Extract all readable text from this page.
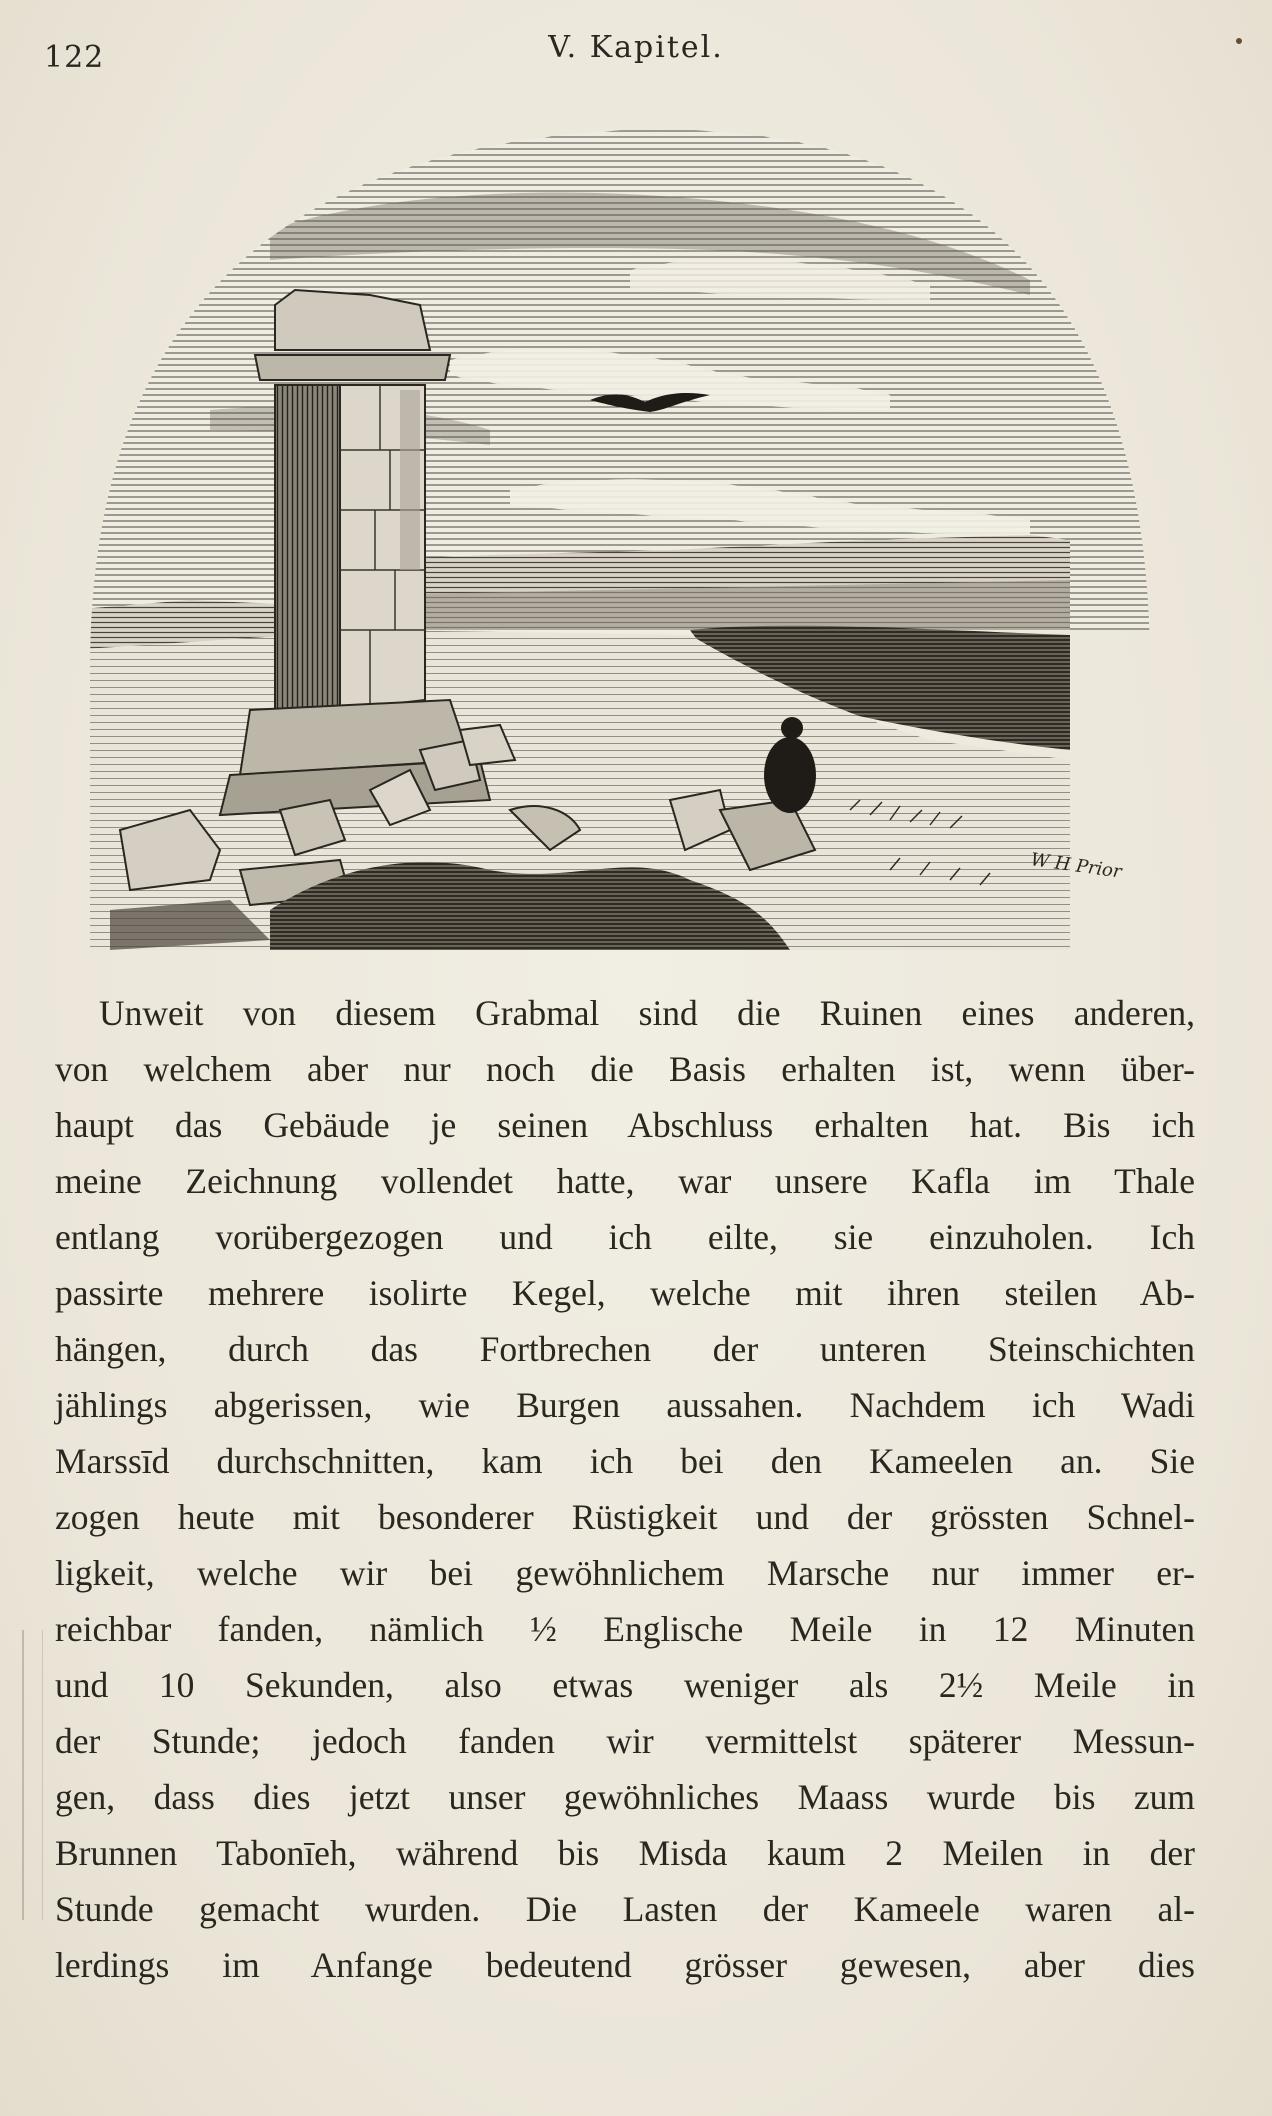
122	V. Kapitel.
W H Prior
Unweit von diesem Grabmal sind die Ruinen eines anderen,
von welchem aber nur noch die Basis erhalten ist, wenn über-
haupt das Gebäude je seinen Abschluss erhalten hat. Bis ich
meine Zeichnung vollendet hatte, war unsere Kafla im Thale
entlang vorübergezogen und ich eilte, sie einzuholen. Ich
passirte mehrere isolirte Kegel, welche mit ihren steilen Ab-
hängen, durch das Fortbrechen der unteren Steinschichten
jählings abgerissen, wie Burgen aussahen. Nachdem ich Wadi
Marssīd durchschnitten, kam ich bei den Kameelen an. Sie
zogen heute mit besonderer Rüstigkeit und der grössten Schnel-
ligkeit, welche wir bei gewöhnlichem Marsche nur immer er-
reichbar fanden, nämlich ½ Englische Meile in 12 Minuten
und 10 Sekunden, also etwas weniger als 2½ Meile in
der Stunde; jedoch fanden wir vermittelst späterer Messun-
gen, dass dies jetzt unser gewöhnliches Maass wurde bis zum
Brunnen Tabonīeh, während bis Misda kaum 2 Meilen in der
Stunde gemacht wurden. Die Lasten der Kameele waren al-
lerdings im Anfange bedeutend grösser gewesen, aber dies
